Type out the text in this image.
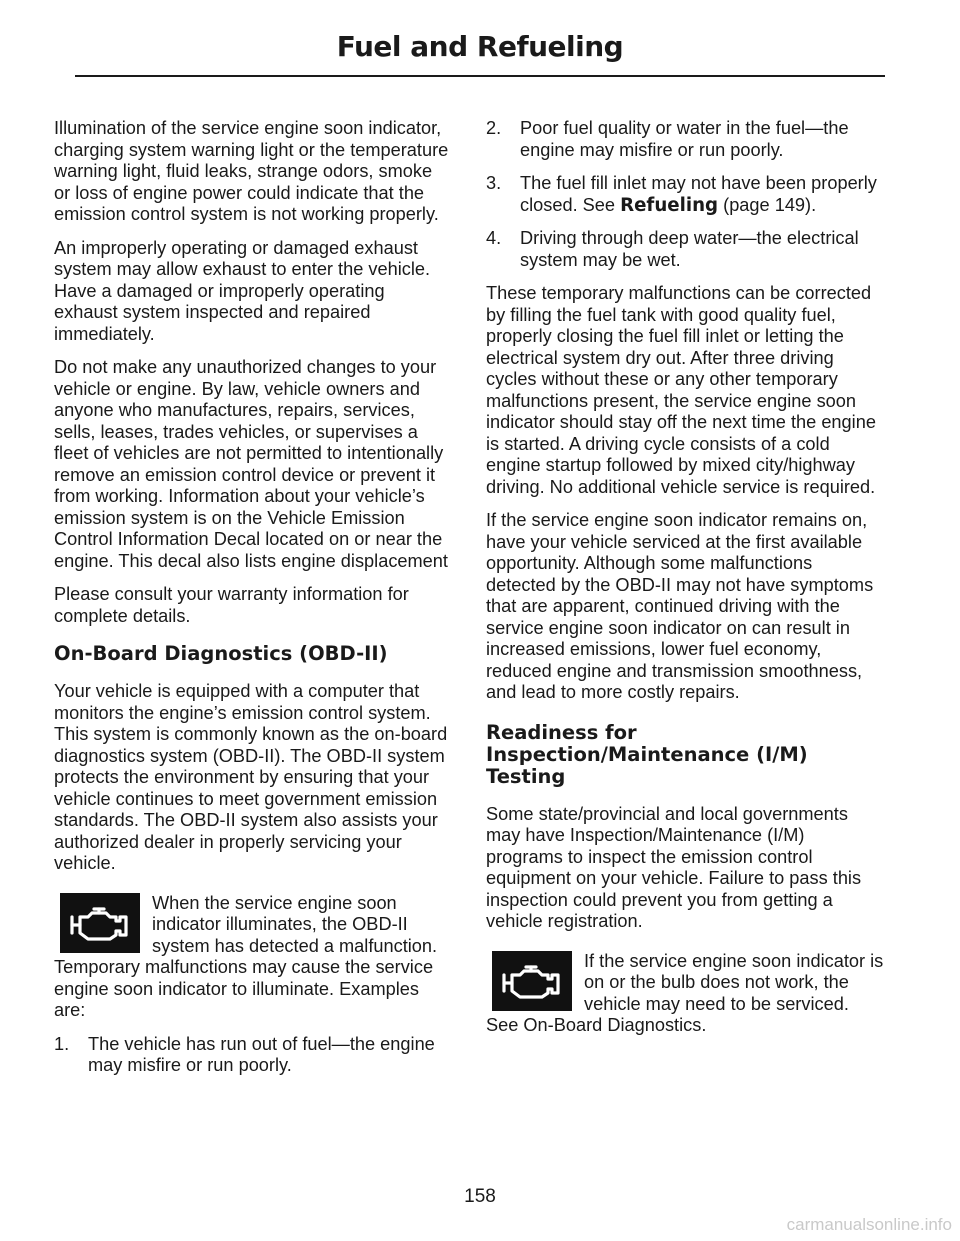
Fuel and Refueling

Illumination of the service engine soon indicator, charging system warning light or the temperature warning light, fluid leaks, strange odors, smoke or loss of engine power could indicate that the emission control system is not working properly.

An improperly operating or damaged exhaust system may allow exhaust to enter the vehicle. Have a damaged or improperly operating exhaust system inspected and repaired immediately.

Do not make any unauthorized changes to your vehicle or engine. By law, vehicle owners and anyone who manufactures, repairs, services, sells, leases, trades vehicles, or supervises a fleet of vehicles are not permitted to intentionally remove an emission control device or prevent it from working. Information about your vehicle’s emission system is on the Vehicle Emission Control Information Decal located on or near the engine. This decal also lists engine displacement

Please consult your warranty information for complete details.

On-Board Diagnostics (OBD-II)

Your vehicle is equipped with a computer that monitors the engine’s emission control system. This system is commonly known as the on-board diagnostics system (OBD-II). The OBD-II system protects the environment by ensuring that your vehicle continues to meet government emission standards. The OBD-II system also assists your authorized dealer in properly servicing your vehicle.

When the service engine soon indicator illuminates, the OBD-II system has detected a malfunction. Temporary malfunctions may cause the service engine soon indicator to illuminate. Examples are:

1. The vehicle has run out of fuel—the engine may misfire or run poorly.
2. Poor fuel quality or water in the fuel—the engine may misfire or run poorly.
3. The fuel fill inlet may not have been properly closed. See Refueling (page 149).
4. Driving through deep water—the electrical system may be wet.

These temporary malfunctions can be corrected by filling the fuel tank with good quality fuel, properly closing the fuel fill inlet or letting the electrical system dry out. After three driving cycles without these or any other temporary malfunctions present, the service engine soon indicator should stay off the next time the engine is started. A driving cycle consists of a cold engine startup followed by mixed city/highway driving. No additional vehicle service is required.

If the service engine soon indicator remains on, have your vehicle serviced at the first available opportunity. Although some malfunctions detected by the OBD-II may not have symptoms that are apparent, continued driving with the service engine soon indicator on can result in increased emissions, lower fuel economy, reduced engine and transmission smoothness, and lead to more costly repairs.

Readiness for Inspection/Maintenance (I/M) Testing

Some state/provincial and local governments may have Inspection/Maintenance (I/M) programs to inspect the emission control equipment on your vehicle. Failure to pass this inspection could prevent you from getting a vehicle registration.

If the service engine soon indicator is on or the bulb does not work, the vehicle may need to be serviced. See On-Board Diagnostics.

158
carmanualsonline.info
